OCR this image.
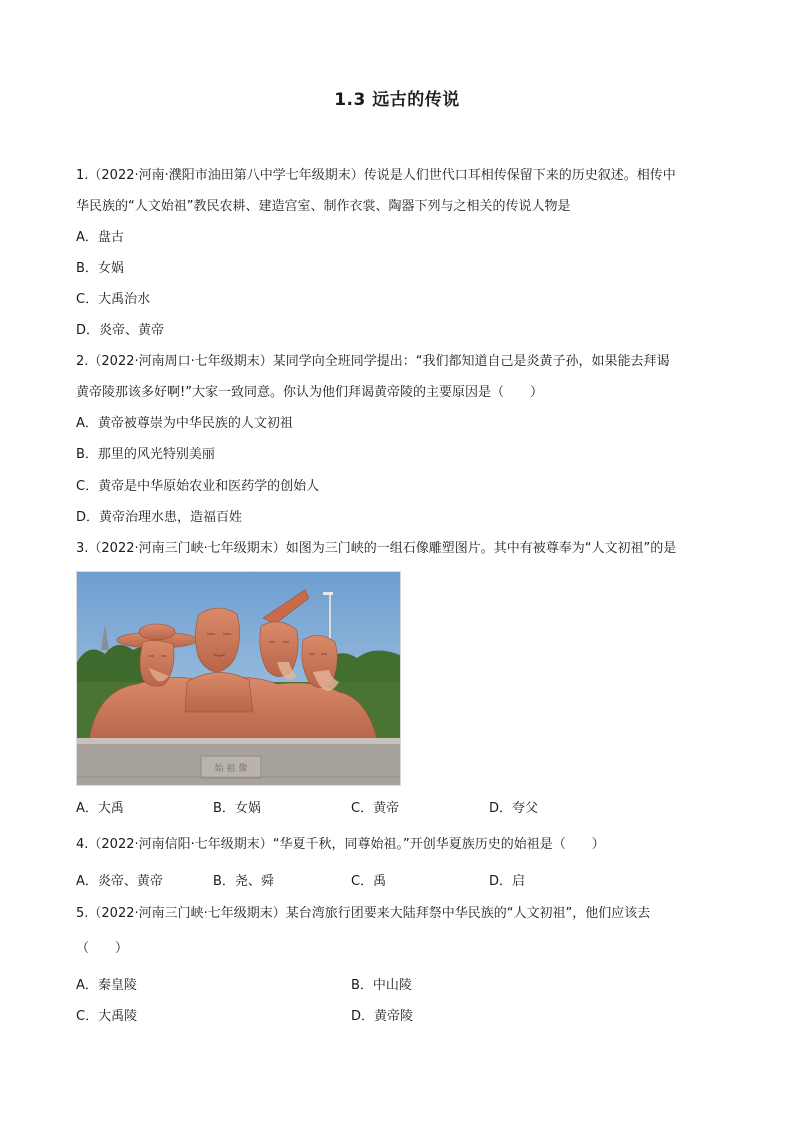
1.3 远古的传说
1.（2022·河南·濮阳市油田第八中学七年级期末）传说是人们世代口耳相传保留下来的历史叙述。相传中
华民族的“人文始祖”教民农耕、建造宫室、制作衣裳、陶器下列与之相关的传说人物是
A．盘古
B．女娲
C．大禹治水
D．炎帝、黄帝
2.（2022·河南周口·七年级期末）某同学向全班同学提出：“我们都知道自己是炎黄子孙，如果能去拜谒
黄帝陵那该多好啊!”大家一致同意。你认为他们拜谒黄帝陵的主要原因是（　　）
A．黄帝被尊崇为中华民族的人文初祖
B．那里的风光特别美丽
C．黄帝是中华原始农业和医药学的创始人
D．黄帝治理水患，造福百姓
3.（2022·河南三门峡·七年级期末）如图为三门峡的一组石像雕塑图片。其中有被尊奉为“人文初祖”的是
始 祖 像
A．大禹	B．女娲	C．黄帝	D．夸父
4.（2022·河南信阳·七年级期末）“华夏千秋，同尊始祖。”开创华夏族历史的始祖是（　　）
A．炎帝、黄帝	B．尧、舜	C．禹	D．启
5.（2022·河南三门峡·七年级期末）某台湾旅行团要来大陆拜祭中华民族的“人文初祖”，他们应该去
（　　）
A．秦皇陵	B．中山陵
C．大禹陵	D．黄帝陵
